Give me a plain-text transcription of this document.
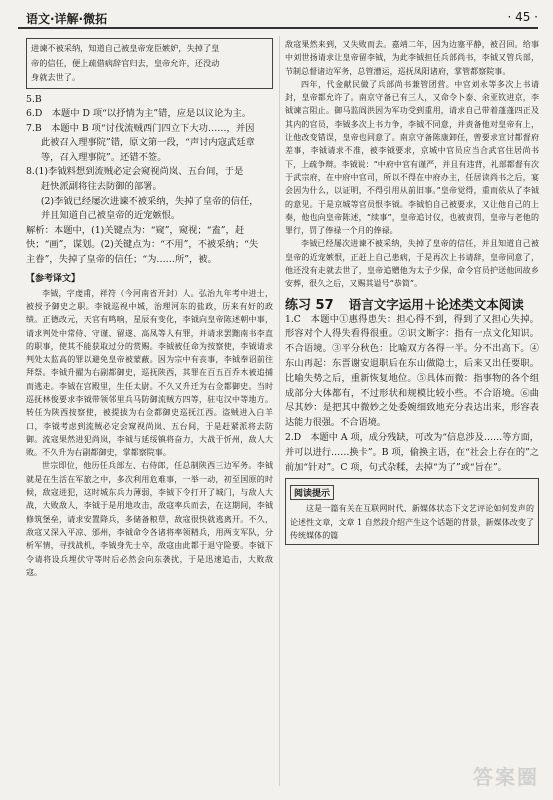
语文·详解·微拓	· 45 ·

进谏不被采纳，知道自己被皇帝宠臣嫉妒，失掉了皇

帝的信任，便上疏借病辞官归去，皇帝允许，还没动

身就去世了。

5.B

6.D　本题中 D 项“以抒情为主”错，应是以议论为主。

7.B　本题中 B 项“讨伐流贼西门四立下大功……，并因

此被召入理事院”错，原文第一段，“声讨内寇武廷章

等，召入理事院”。还错不签。

8.(1)李钺料想到流贼必定会窥视尚岚、五台间，于是

赶快派副将往去防御的部署。

(2)李钺已经屡次进谏不被采纳，失掉了皇帝的信任，

并且知道自己被皇帝的近宠嫉恨。

解析：本题中，(1)关键点为：“窥”，窥视；“盍”，赶

快；“画”，谋划。(2)关键点为：“不用”，不被采纳；“失

主眷”，失掉了皇帝的信任；“为……所”，被。

【参考译文】

李钺，字虔甫，祥符（今河南省开封）人。弘治九年考中进士，被授予御史之职。李钺巡视中城，治理河东的盐政，历来有好的政绩。正德改元，天官有鸣响，星辰有变化，李钺向皇帝陈述朝中事，请求判处中常侍、守谨、留遂、高凤等人有罪，并请求罢黜南书李直的职事，使其不能获取过分的赏赐。李钺被任命为按察使，李钺请求判处太监高的罪以避免皇帝被蒙蔽。因为宗中有丧事，李钺奉诏前往拜祭。李钺升擢为右副都御史，巡抚陕西，其罪在百五百乔木被追捕而逃走。李钺在宫殿里，生任太尉。不久又升迁为右佥都御史。当时巡抚林俊要求李钺带领邻里兵马防御流贼方四等，驻屯汉中等地方。转任为陕西按察使，被提拔为右佥都御史巡抚江西。盗贼进入白羊口，李钺考虑到流贼必定会窥视尚岚、五台间，于是赶紧派将去防御。流寇果然进犯尚岚，李钺与延绥镇将奋力，大战于忻州，敌人大败。不久升为右副都御史，掌都察院事。

世宗即位，他历任兵部左、右侍郎，任总制陕西三边军务。李钺就是在生活在军旅之中，多次利用危难事，一举一动，初至国原的时候，敌寇进犯，这时城东兵力薄弱，李钺下令打开了城门，与敌人大战，大败敌人，李钺于是用地攻击，敌寇率兵而去，在这期间，李钺修筑堡垒，请求安置降兵，多储备粮草，敌寇很快就逃离开。不久，敌寇又深入平凉、邠州，李钺命令各诸将率领精兵，用两支军队，分析军情，寻找战机，李钺身先士卒，敌寇由此都于退守险要。李钺下令请将设兵埋伏守等时后必然会向东袭扰，于是迅速追击，大败敌寇。

敌寇果然来到，又失败而去。嘉靖二年，因为边塞平静，被召回。给事中刘世扬请求让皇帝留李钺，为此李钺担任兵部尚书，李钺又管兵部，节制总督诸边军务，总管漕运，巡抚凤阳诸府，掌管都察院事。

四年，代金献民做了兵部尚书兼管团营。中官刘永等多次上书请封，皇帝都允许了。南京守备已有三人，又命令卜泰、余亚钦进京，李钺谏言阻止。御马监阎洪因为军功受到重用，请求自己带着蓬蓬四正及其内的官员，李钺多次上书力争，李钺不同意，并责备他对皇帝有上，让他改变错误，皇帝也同意了。南京守备陈康卸任，曾要求宣讨都督府差事，李钺请求不准，被李钺要求，京城中官员应当合武官住居尚书下，上疏争辩。李钺说：“中府中官有谨严，并且有违背，礼部都督有次于武宗府，在中府中官司，所以不得在中府办主，任居读尚书之后，宴会因为什么，以证明，不得引用从前旧事。”皇帝觉得，重而依从了李钺的意见。于是京城等官员恨李钺。李钺怕自己被要求，又让他自己的上奏，他也向皇帝陈述，“续事”，皇帝追讨仪，也被责罚，皇帝与老他的罪行，罚了俸禄一个月的俸禄。

李钺已经屡次进谏不被采纳，失掉了皇帝的信任，并且知道自己被皇帝的近宠嫉恨，正赶上自己患病，于是再次上书请辞，皇帝同意了，他还没有走就去世了，皇帝追赠他为太子少保，命令官员护送他回故乡安葬，很久之后，又赐其谥号“恭简”。

练习 57 语言文字运用＋论述类文本阅读

1.C　本题中①惠得患失：担心得不到，得到了又担心失掉。形容对个人得失看得很重。②识文断字：指有一点文化知识。不合语境。③平分秋色：比喻双方各得一半。分不出高下。④东山再起：东晋谢安退职后在东山做隐士，后来又出任要职。比喻失势之后，重新恢复地位。⑤具体而微：指事物的各个组成部分大体都有，不过形状和规模比较小些。不合语境。⑥曲尽其妙：是把其中微妙之处委婉细致地充分表达出来，形容表达能力很强。不合语境。

2.D　本题中 A 项，成分残缺，可改为“信息涉及……等方面，并可以进行……换卡”。B 项，偷换主语，在“社会上存在的”之前加“针对”。C 项，句式杂糅，去掉“为了”或“旨在”。

阅读提示

这是一篇有关在互联网时代、新媒体状态下文艺评论如何发声的论述性文章，文章 1 自然段介绍产生这个话题的背景，新媒体改变了传统媒体的篇

答案圈
